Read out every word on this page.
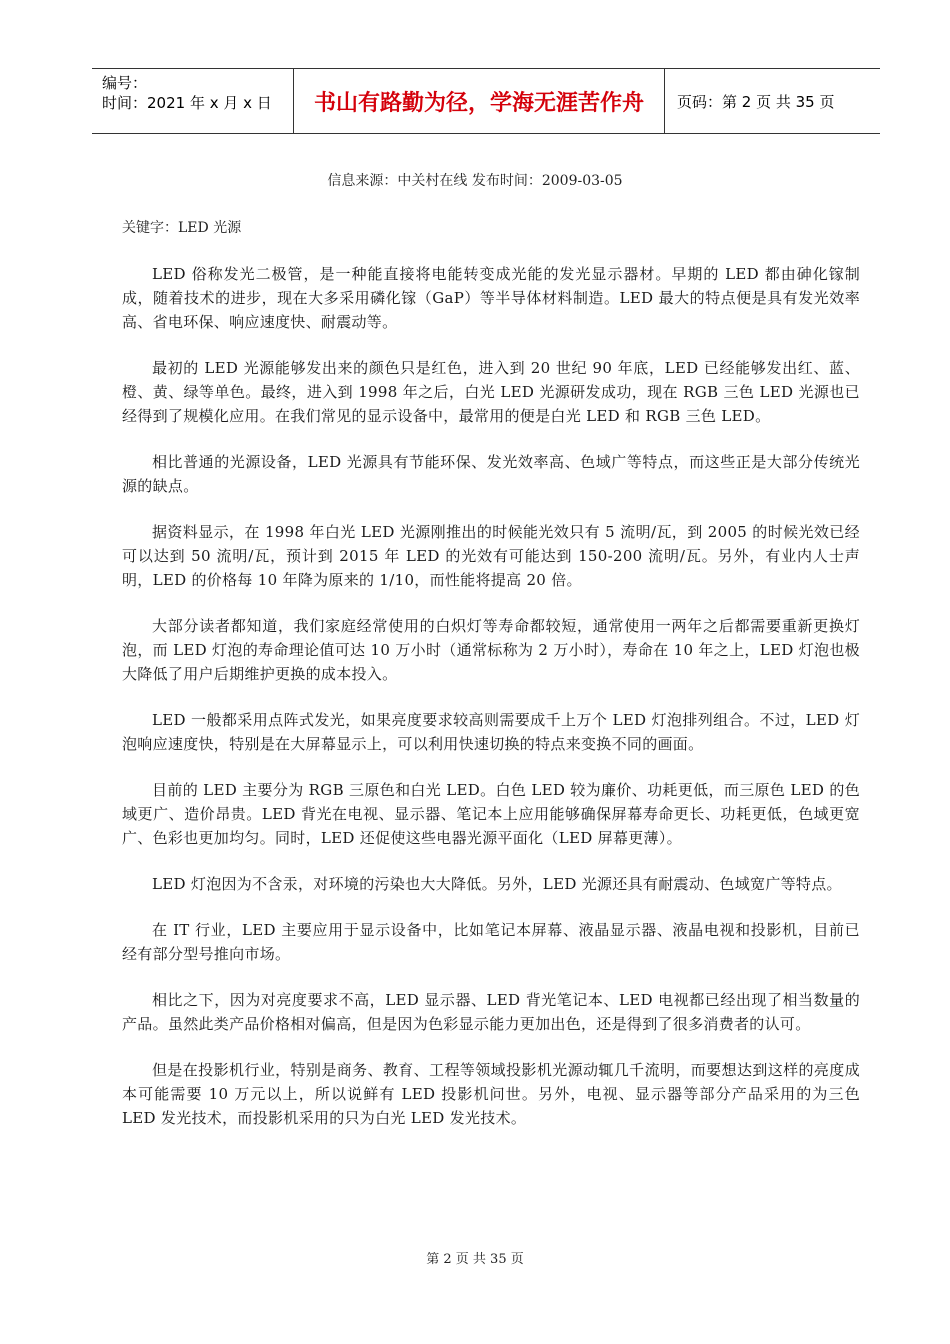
编号：
时间：2021 年 x 月 x 日	书山有路勤为径，学海无涯苦作舟	页码：第 2 页 共 35 页
信息来源：中关村在线 发布时间：2009-03-05
关键字：LED 光源

LED 俗称发光二极管，是一种能直接将电能转变成光能的发光显示器材。早期的 LED 都由砷化镓制成，随着技术的进步，现在大多采用磷化镓（GaP）等半导体材料制造。LED 最大的特点便是具有发光效率高、省电环保、响应速度快、耐震动等。

最初的 LED 光源能够发出来的颜色只是红色，进入到 20 世纪 90 年底，LED 已经能够发出红、蓝、橙、黄、绿等单色。最终，进入到 1998 年之后，白光 LED 光源研发成功，现在 RGB 三色 LED 光源也已经得到了规模化应用。在我们常见的显示设备中，最常用的便是白光 LED 和 RGB 三色 LED。

相比普通的光源设备，LED 光源具有节能环保、发光效率高、色域广等特点，而这些正是大部分传统光源的缺点。

据资料显示，在 1998 年白光 LED 光源刚推出的时候能光效只有 5 流明/瓦，到 2005 的时候光效已经可以达到 50 流明/瓦，预计到 2015 年 LED 的光效有可能达到 150-200 流明/瓦。另外，有业内人士声明，LED 的价格每 10 年降为原来的 1/10，而性能将提高 20 倍。

大部分读者都知道，我们家庭经常使用的白炽灯等寿命都较短，通常使用一两年之后都需要重新更换灯泡，而 LED 灯泡的寿命理论值可达 10 万小时（通常标称为 2 万小时），寿命在 10 年之上，LED 灯泡也极大降低了用户后期维护更换的成本投入。

LED 一般都采用点阵式发光，如果亮度要求较高则需要成千上万个 LED 灯泡排列组合。不过，LED 灯泡响应速度快，特别是在大屏幕显示上，可以利用快速切换的特点来变换不同的画面。

目前的 LED 主要分为 RGB 三原色和白光 LED。白色 LED 较为廉价、功耗更低，而三原色 LED 的色域更广、造价昂贵。LED 背光在电视、显示器、笔记本上应用能够确保屏幕寿命更长、功耗更低，色域更宽广、色彩也更加均匀。同时，LED 还促使这些电器光源平面化（LED 屏幕更薄）。

LED 灯泡因为不含汞，对环境的污染也大大降低。另外，LED 光源还具有耐震动、色域宽广等特点。

在 IT 行业，LED 主要应用于显示设备中，比如笔记本屏幕、液晶显示器、液晶电视和投影机，目前已经有部分型号推向市场。

相比之下，因为对亮度要求不高，LED 显示器、LED 背光笔记本、LED 电视都已经出现了相当数量的产品。虽然此类产品价格相对偏高，但是因为色彩显示能力更加出色，还是得到了很多消费者的认可。

但是在投影机行业，特别是商务、教育、工程等领域投影机光源动辄几千流明，而要想达到这样的亮度成本可能需要 10 万元以上，所以说鲜有 LED 投影机问世。另外，电视、显示器等部分产品采用的为三色 LED 发光技术，而投影机采用的只为白光 LED 发光技术。

第 2 页 共 35 页
